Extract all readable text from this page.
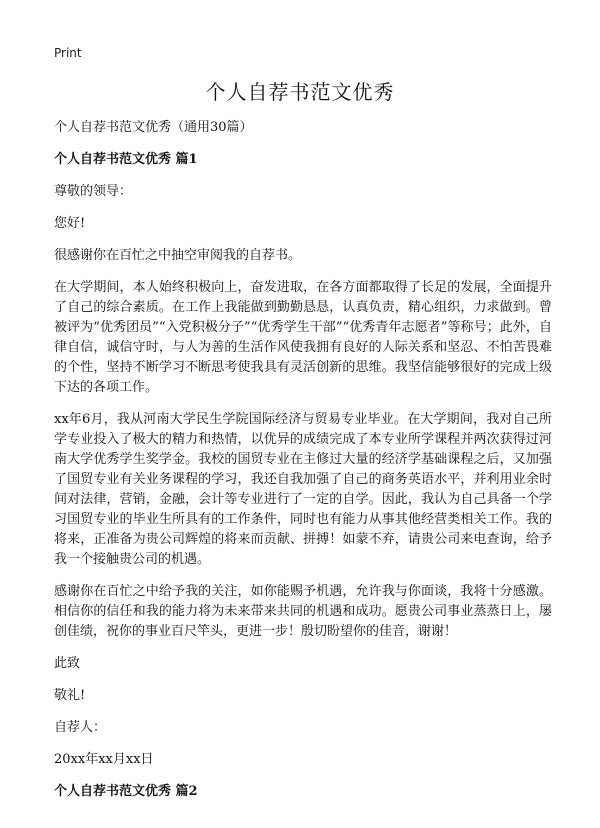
Print
个人自荐书范文优秀

个人自荐书范文优秀（通用30篇）

个人自荐书范文优秀 篇1

尊敬的领导：

您好!

很感谢你在百忙之中抽空审阅我的自荐书。

在大学期间，本人始终积极向上，奋发进取，在各方面都取得了长足的发展，全面提升了自己的综合素质。在工作上我能做到勤勤恳恳，认真负责，精心组织，力求做到。曾被评为“优秀团员”“入党积极分子”“优秀学生干部”“优秀青年志愿者”等称号；此外，自律自信，诚信守时，与人为善的生活作风使我拥有良好的人际关系和坚忍、不怕苦畏难的个性，坚持不断学习不断思考使我具有灵活创新的思维。我坚信能够很好的完成上级下达的各项工作。

xx年6月，我从河南大学民生学院国际经济与贸易专业毕业。在大学期间，我对自己所学专业投入了极大的精力和热情，以优异的成绩完成了本专业所学课程并两次获得过河南大学优秀学生奖学金。我校的国贸专业在主修过大量的经济学基础课程之后，又加强了国贸专业有关业务课程的学习，我还自我加强了自己的商务英语水平，并利用业余时间对法律，营销，金融，会计等专业进行了一定的自学。因此，我认为自己具备一个学习国贸专业的毕业生所具有的工作条件，同时也有能力从事其他经营类相关工作。我的将来，正准备为贵公司辉煌的将来而贡献、拼搏！如蒙不弃，请贵公司来电查询，给予我一个接触贵公司的机遇。

感谢你在百忙之中给予我的关注，如你能赐予机遇，允许我与你面谈，我将十分感激。相信你的信任和我的能力将为未来带来共同的机遇和成功。愿贵公司事业蒸蒸日上，屡创佳绩，祝你的事业百尺竿头，更进一步！殷切盼望你的佳音，谢谢！

此致

敬礼!

自荐人：

20xx年xx月xx日

个人自荐书范文优秀 篇2
